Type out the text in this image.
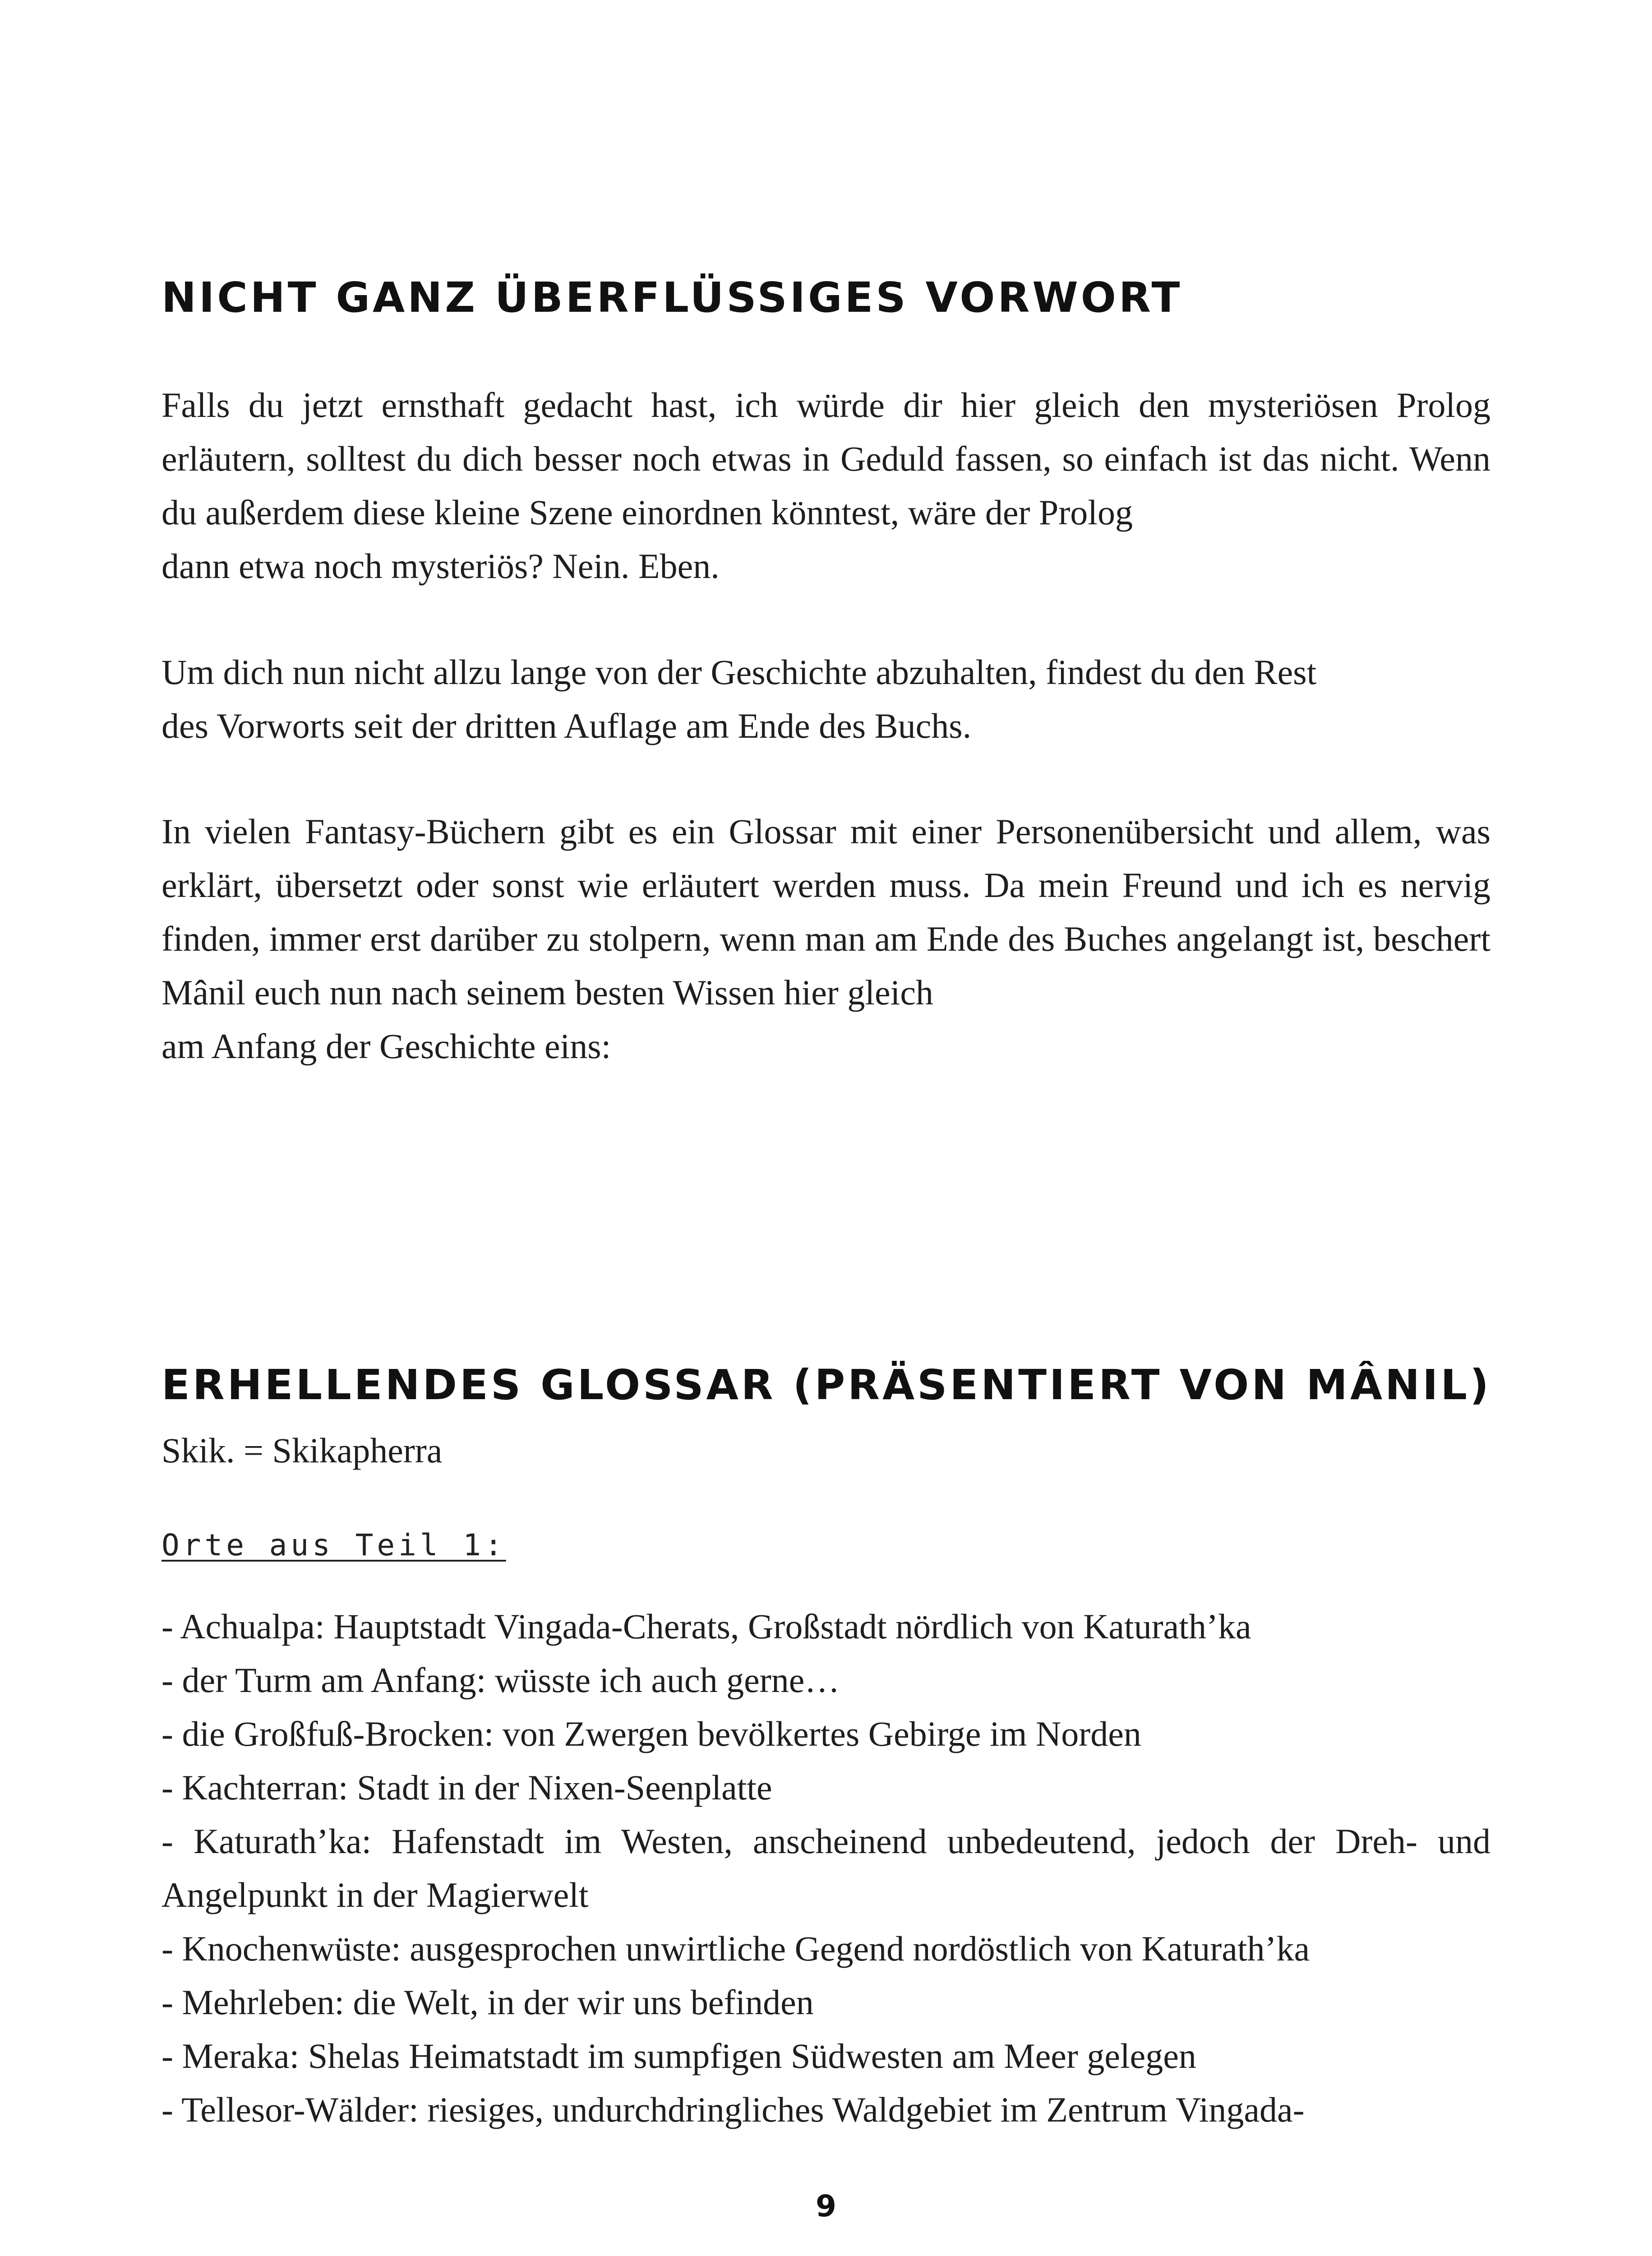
NICHT GANZ ÜBERFLÜSSIGES VORWORT

Falls du jetzt ernsthaft gedacht hast, ich würde dir hier gleich den mysteriösen Prolog erläutern, solltest du dich besser noch etwas in Geduld fassen, so einfach ist das nicht. Wenn du außerdem diese kleine Szene einordnen könntest, wäre der Prolog
dann etwa noch mysteriös? Nein. Eben.

Um dich nun nicht allzu lange von der Geschichte abzuhalten, findest du den Rest
des Vorworts seit der dritten Auflage am Ende des Buchs.

In vielen Fantasy-Büchern gibt es ein Glossar mit einer Personenübersicht und allem, was erklärt, übersetzt oder sonst wie erläutert werden muss. Da mein Freund und ich es nervig finden, immer erst darüber zu stolpern, wenn man am Ende des Buches angelangt ist, beschert Mânil euch nun nach seinem besten Wissen hier gleich
am Anfang der Geschichte eins:

ERHELLENDES GLOSSAR (PRÄSENTIERT VON MÂNIL)
Skik. = Skikapherra
Orte aus Teil 1:
- Achualpa: Hauptstadt Vingada-Cherats, Großstadt nördlich von Katurath’ka
- der Turm am Anfang: wüsste ich auch gerne…
- die Großfuß-Brocken: von Zwergen bevölkertes Gebirge im Norden
- Kachterran: Stadt in der Nixen-Seenplatte
- Katurath’ka: Hafenstadt im Westen, anscheinend unbedeutend, jedoch der Dreh- und Angelpunkt in der Magierwelt
- Knochenwüste: ausgesprochen unwirtliche Gegend nordöstlich von Katurath’ka
- Mehrleben: die Welt, in der wir uns befinden
- Meraka: Shelas Heimatstadt im sumpfigen Südwesten am Meer gelegen
- Tellesor-Wälder: riesiges, undurchdringliches Waldgebiet im Zentrum Vingada-
9
